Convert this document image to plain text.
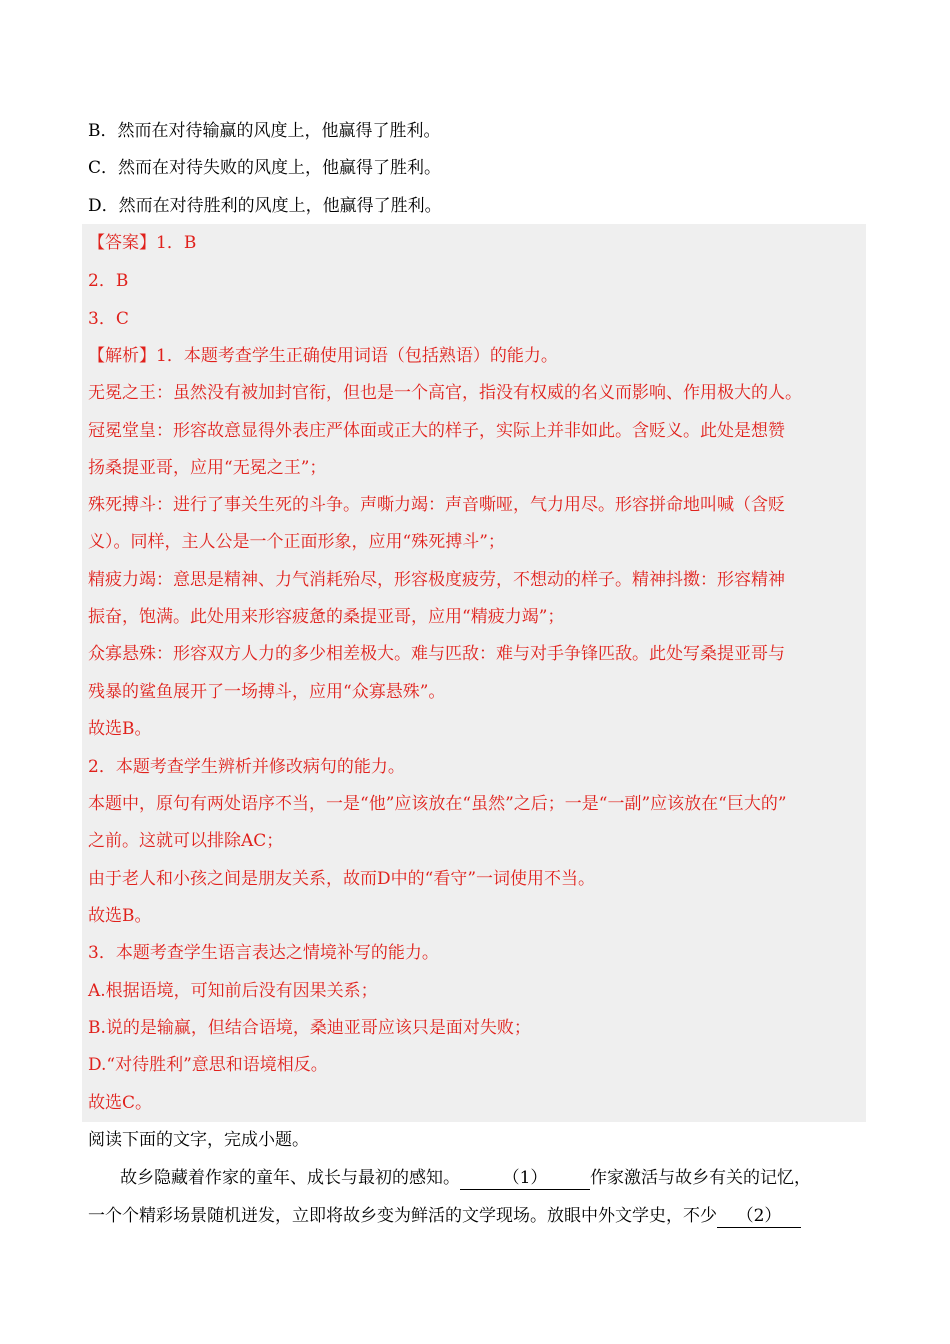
B．然而在对待输赢的风度上，他赢得了胜利。
C．然而在对待失败的风度上，他赢得了胜利。
D．然而在对待胜利的风度上，他赢得了胜利。
【答案】1．B
2．B
3．C
【解析】1．本题考查学生正确使用词语（包括熟语）的能力。
无冕之王：虽然没有被加封官衔，但也是一个高官，指没有权威的名义而影响、作用极大的人。
冠冕堂皇：形容故意显得外表庄严体面或正大的样子，实际上并非如此。含贬义。此处是想赞
扬桑提亚哥，应用“无冕之王”；
殊死搏斗：进行了事关生死的斗争。声嘶力竭：声音嘶哑，气力用尽。形容拼命地叫喊（含贬
义）。同样，主人公是一个正面形象，应用“殊死搏斗”；
精疲力竭：意思是精神、力气消耗殆尽，形容极度疲劳，不想动的样子。精神抖擞：形容精神
振奋，饱满。此处用来形容疲惫的桑提亚哥，应用“精疲力竭”；
众寡悬殊：形容双方人力的多少相差极大。难与匹敌：难与对手争锋匹敌。此处写桑提亚哥与
残暴的鲨鱼展开了一场搏斗，应用“众寡悬殊”。
故选B。
2．本题考查学生辨析并修改病句的能力。
本题中，原句有两处语序不当，一是“他”应该放在“虽然”之后；一是“一副”应该放在“巨大的”
之前。这就可以排除AC；
由于老人和小孩之间是朋友关系，故而D中的“看守”一词使用不当。
故选B。
3．本题考查学生语言表达之情境补写的能力。
A.根据语境，可知前后没有因果关系；
B.说的是输赢，但结合语境，桑迪亚哥应该只是面对失败；
D.“对待胜利”意思和语境相反。
故选C。
阅读下面的文字，完成小题。
故乡隐藏着作家的童年、成长与最初的感知。	（1）	作家激活与故乡有关的记忆，
一个个精彩场景随机迸发，立即将故乡变为鲜活的文学现场。放眼中外文学史，不少 （2）
